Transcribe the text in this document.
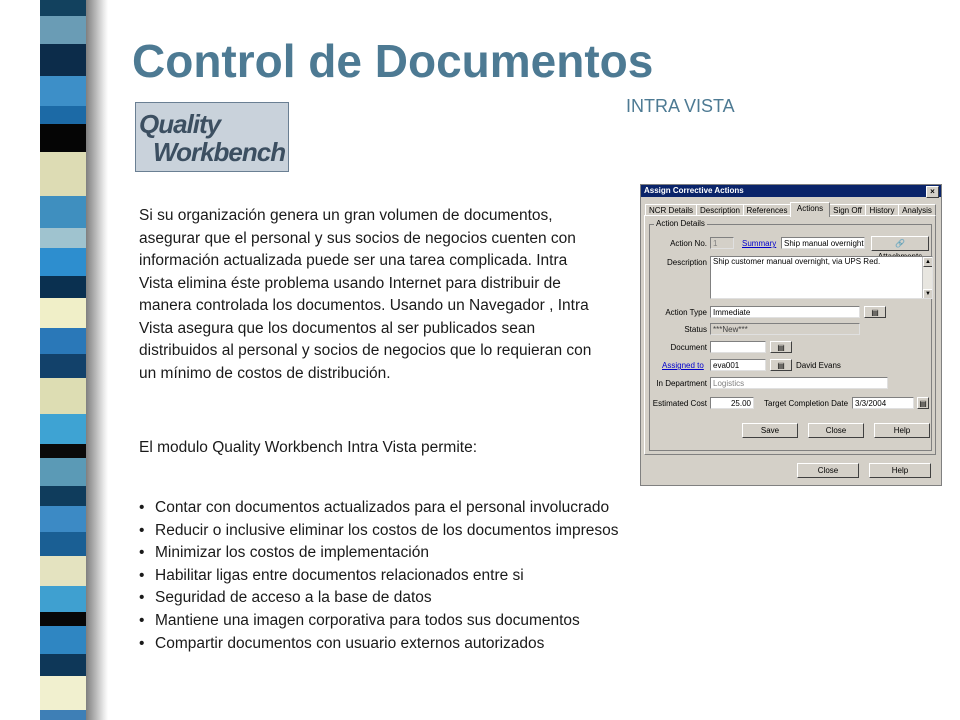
Control de Documentos
INTRA VISTA
Quality
Workbench

Si su organización genera un gran volumen de documentos, asegurar que el personal y sus socios de negocios cuenten con información actualizada puede ser una tarea complicada. Intra Vista elimina éste problema usando Internet para distribuir de manera controlada los documentos. Usando un Navegador , Intra Vista asegura que los documentos al ser publicados sean distribuidos al personal y socios de negocios que lo requieran con un mínimo de costos de distribución.

El modulo Quality Workbench Intra Vista permite:
• Contar con documentos actualizados para el personal involucrado
• Reducir o inclusive eliminar los costos de los documentos impresos
• Minimizar los costos de implementación
• Habilitar ligas entre documentos relacionados entre si
• Seguridad de acceso a la base de datos
• Mantiene una imagen corporativa para todos sus documentos
• Compartir documentos con usuario externos autorizados
Assign Corrective Actions	×
NCR Details Description References	Actions	Sign Off History Analysis
Action Details
Action No. 1	Summary Ship manual overnight	🔗
Description Ship customer manual overnight, via UPS Red.	▲
▼
Action Type Immediate	▤
Status ***New***
Document	▤
Assigned to	eva001	▤	David Evans
In Department Logistics
Estimated Cost	25.00	Target Completion Date 3/3/2004	▤
Save	Close	Help
Close	Help
